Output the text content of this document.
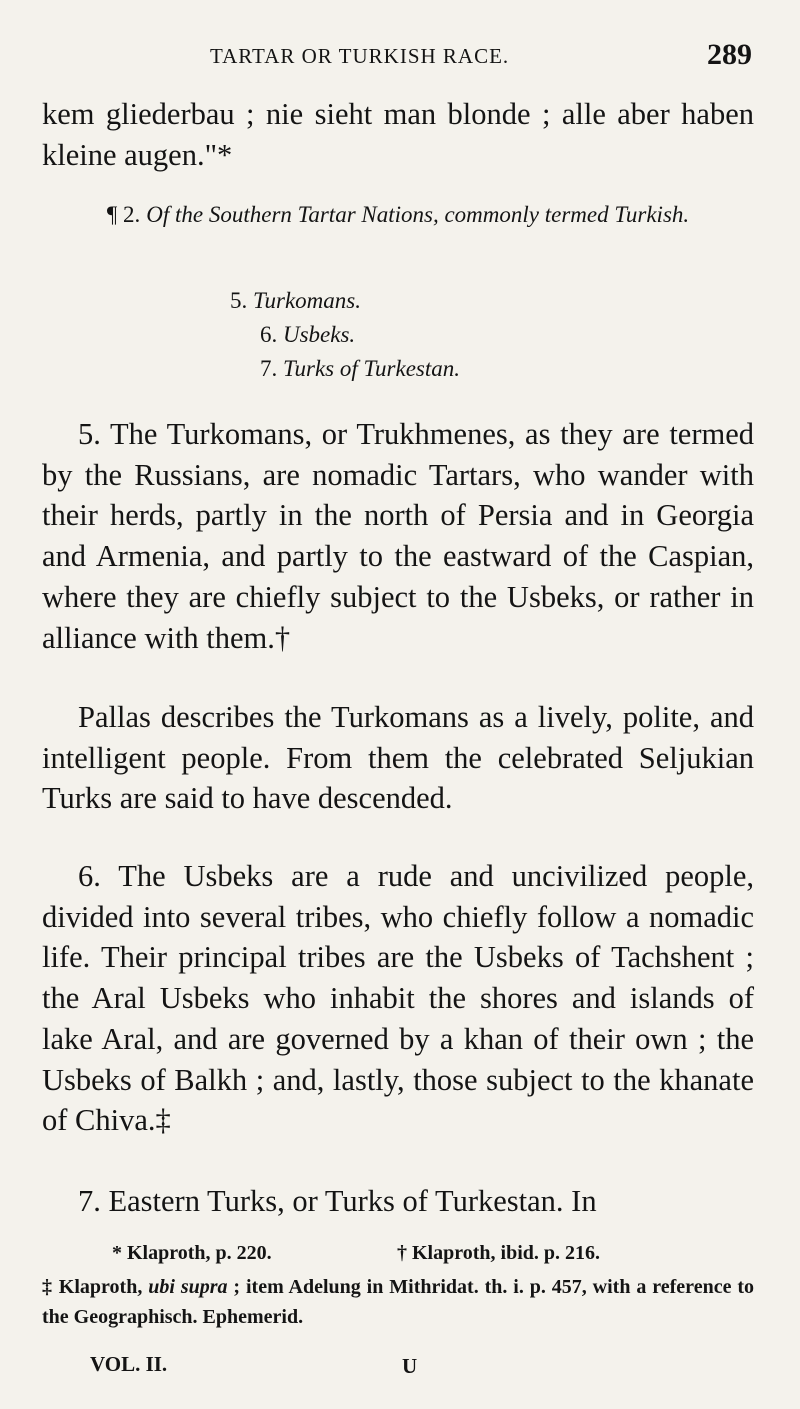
TARTAR OR TURKISH RACE.	289
kem gliederbau ; nie sieht man blonde ; alle aber haben kleine augen."*
¶ 2. Of the Southern Tartar Nations, commonly termed Turkish.
5. Turkomans.
6. Usbeks.
7. Turks of Turkestan.
5. The Turkomans, or Trukhmenes, as they are termed by the Russians, are nomadic Tartars, who wander with their herds, partly in the north of Persia and in Georgia and Armenia, and partly to the eastward of the Caspian, where they are chiefly subject to the Usbeks, or rather in alliance with them.†
Pallas describes the Turkomans as a lively, polite, and intelligent people. From them the celebrated Seljukian Turks are said to have descended.
6. The Usbeks are a rude and uncivilized people, divided into several tribes, who chiefly follow a nomadic life. Their principal tribes are the Usbeks of Tachshent ; the Aral Usbeks who inhabit the shores and islands of lake Aral, and are governed by a khan of their own ; the Usbeks of Balkh ; and, lastly, those subject to the khanate of Chiva.‡
7. Eastern Turks, or Turks of Turkestan. In
* Klaproth, p. 220.	† Klaproth, ibid. p. 216.
‡ Klaproth, ubi supra ; item Adelung in Mithridat. th. i. p. 457, with a reference to the Geographisch. Ephemerid.
VOL. II.	U
